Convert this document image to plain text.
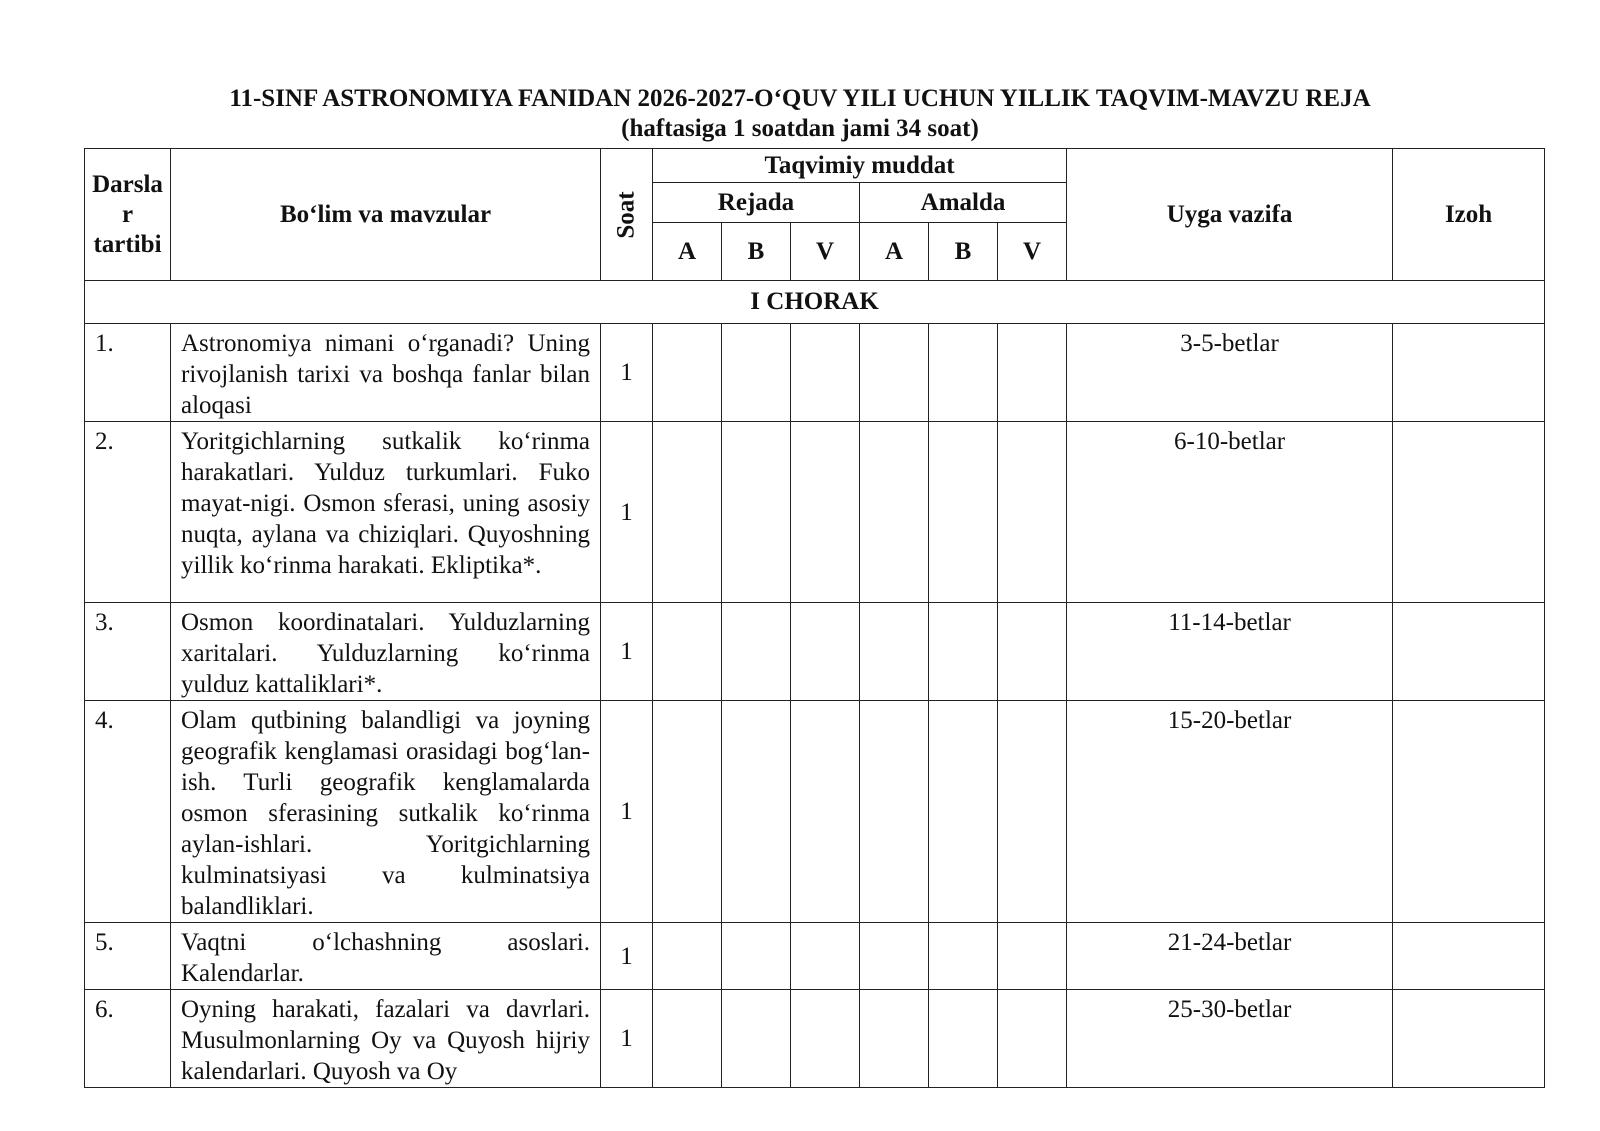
11-SINF ASTRONOMIYA FANIDAN 2026-2027-O‘QUV YILI UCHUN YILLIK TAQVIM-MAVZU REJA
(haftasiga 1 soatdan jami 34 soat)
Darsla
r
tartibi	Bo‘lim va mavzular	Soat	Taqvimiy muddat						Uyga vazifa	Izoh
			Rejada			Amalda				
			A	B	V	A	B	V		
I CHORAK										
1.	Astronomiya nimani o‘rganadi? Uning rivojlanish tarixi va boshqa fanlar bilan aloqasi	1							3-5-betlar	
2.	Yoritgichlarning sutkalik ko‘rinma harakatlari. Yulduz turkumlari. Fuko mayat-nigi. Osmon sferasi, uning asosiy nuqta, aylana va chiziqlari. Quyoshning yillik ko‘rinma harakati. Ekliptika*.	1							6-10-betlar	
3.	Osmon koordinatalari. Yulduzlarning xaritalari. Yulduzlarning ko‘rinma yulduz kattaliklari*.	1							11-14-betlar	
4.	Olam qutbining balandligi va joyning geografik kenglamasi orasidagi bog‘lan-ish. Turli geografik kenglamalarda osmon sferasining sutkalik ko‘rinma aylan-ishlari. Yoritgichlarning kulminatsiyasi va kulminatsiya balandliklari.	1							15-20-betlar	
5.	Vaqtni o‘lchashning asoslari. Kalendarlar.	1							21-24-betlar	
6.	Oyning harakati, fazalari va davrlari. Musulmonlarning Oy va Quyosh hijriy kalendarlari. Quyosh va Oy	1							25-30-betlar	
